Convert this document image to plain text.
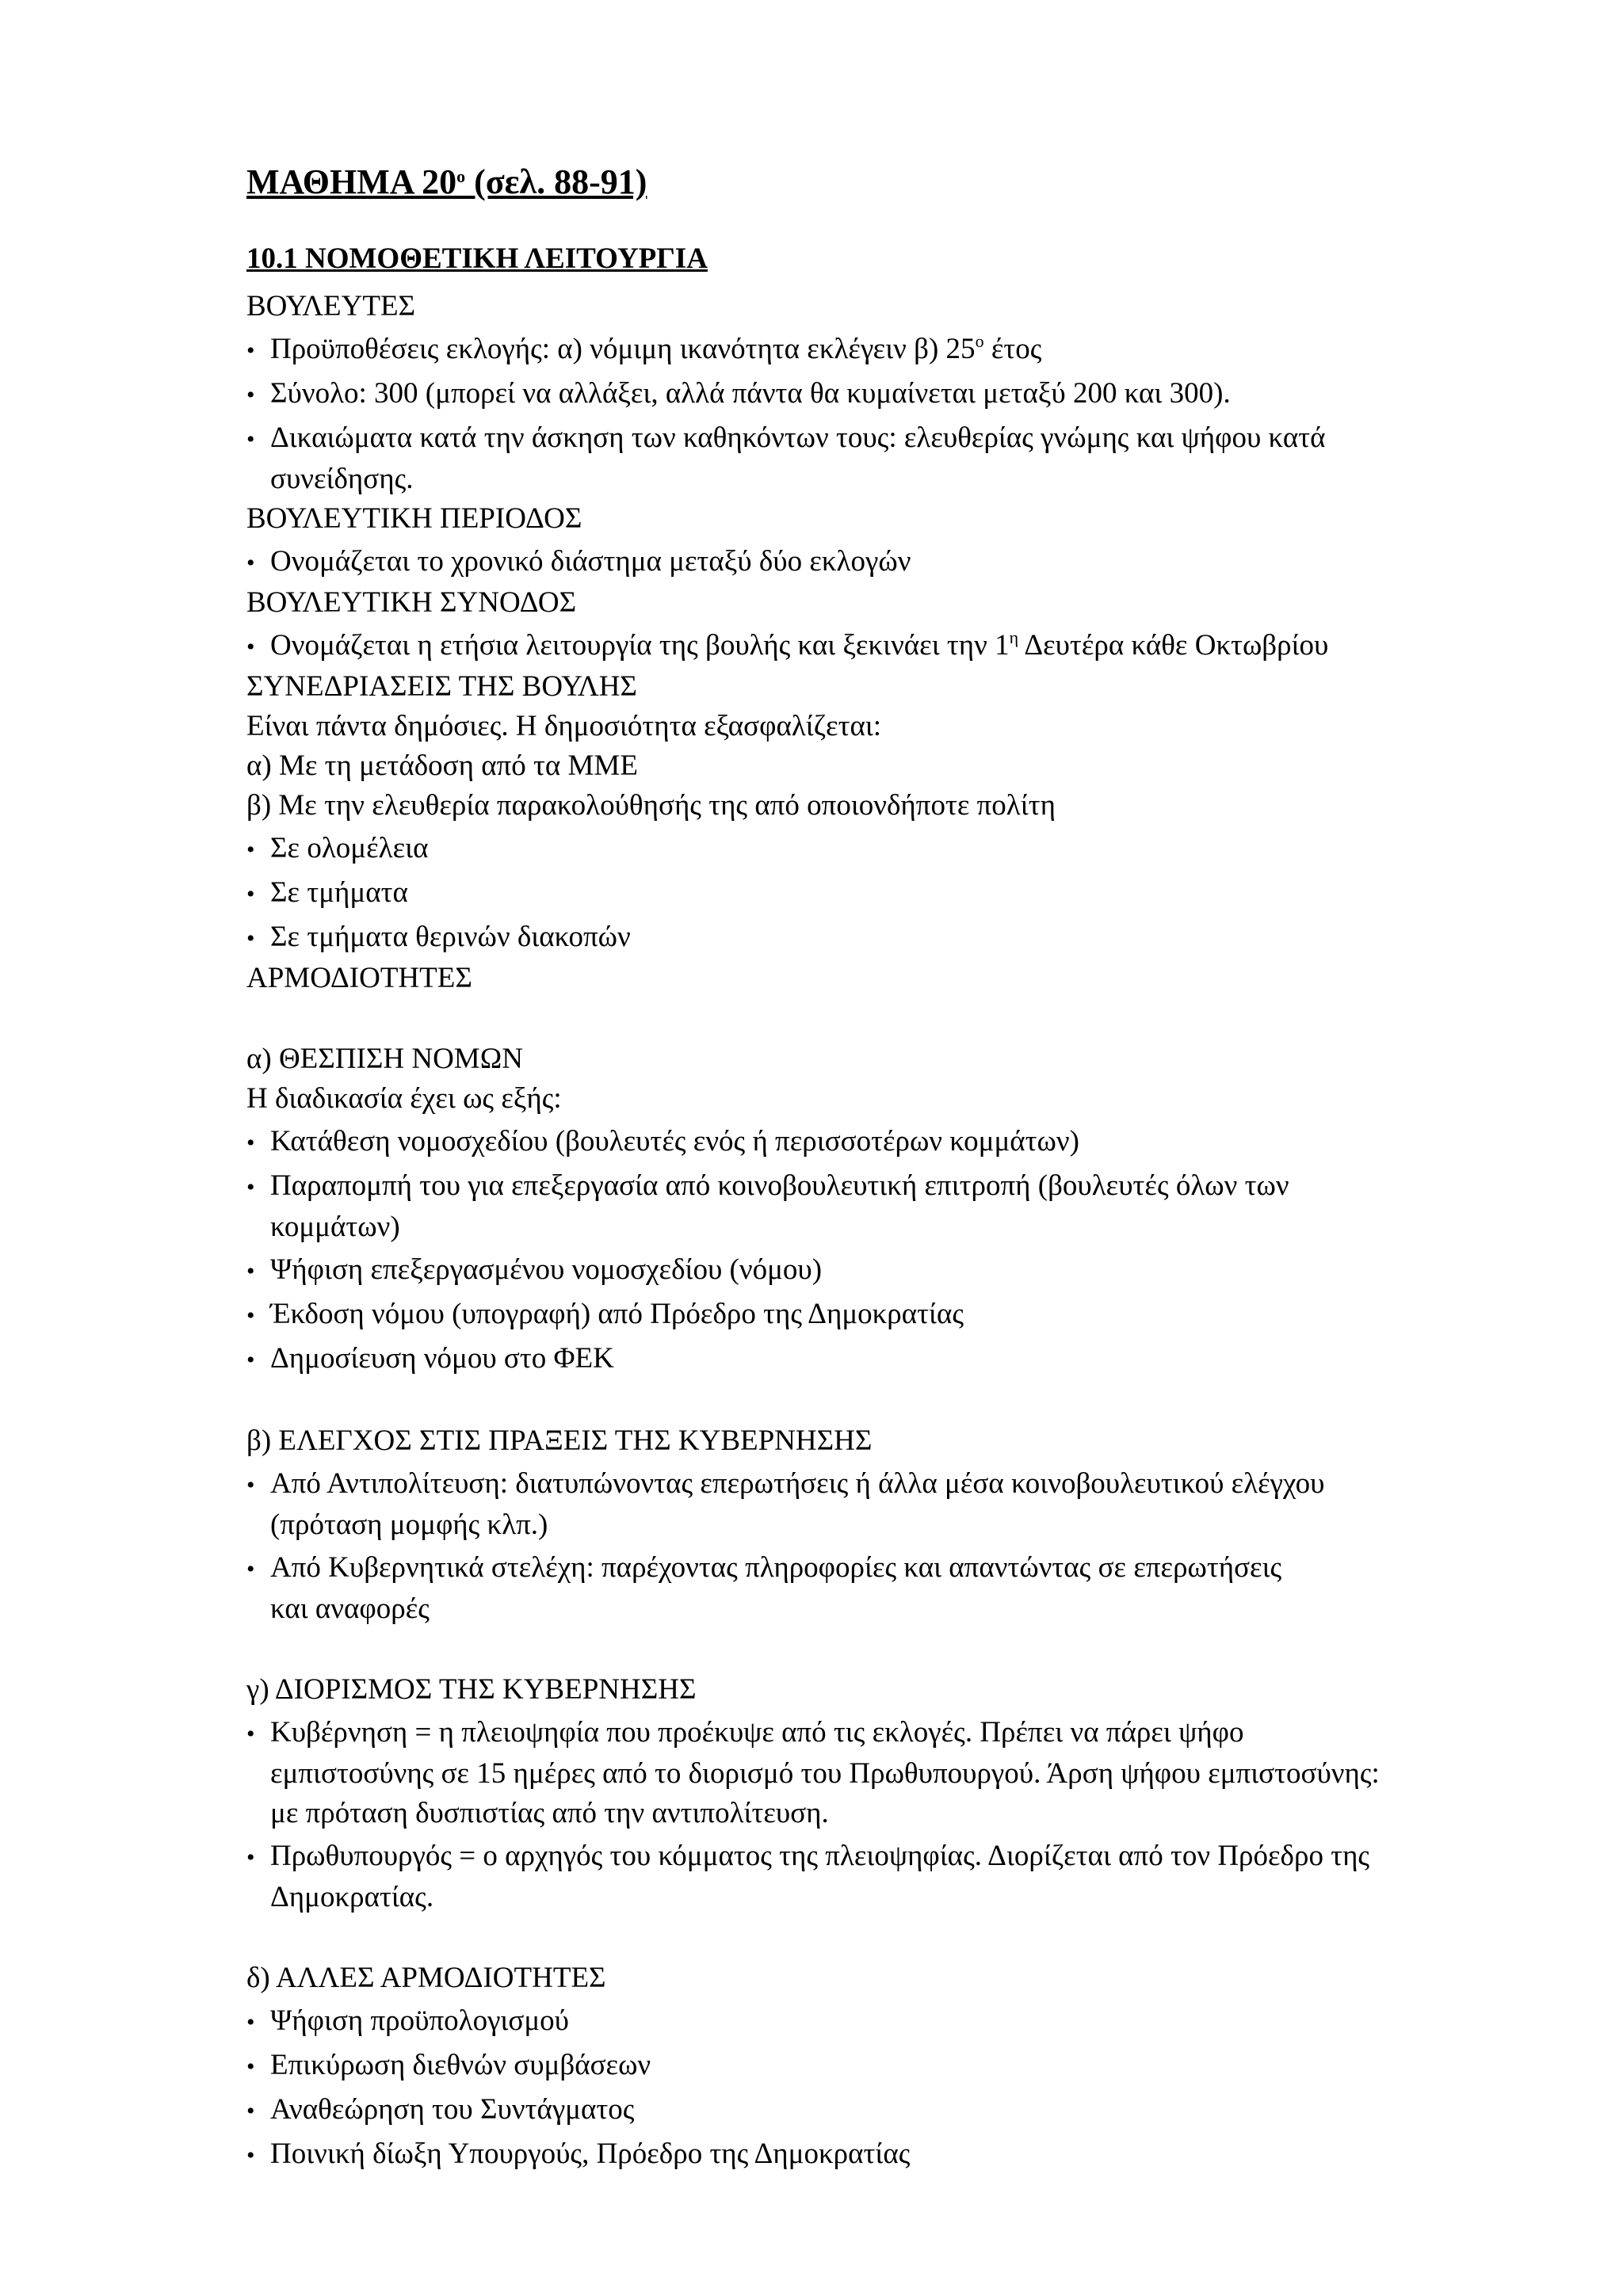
ΜΑΘΗΜΑ $20^o$ (σελ. 88-91)

10.1 ΝΟΜΟΘΕΤΙΚΗ ΛΕΙΤΟΥΡΓΙΑ

ΒΟΥΛΕΥΤΕΣ

• Προϋποθέσεις εκλογής: α) νόμιμη ικανότητα εκλέγειν β) $25^o$ έτος

• Σύνολο: 300 (μπορεί να αλλάξει, αλλά πάντα θα κυμαίνεται μεταξύ 200 και 300).

• Δικαιώματα κατά την άσκηση των καθηκόντων τους: ελευθερίας γνώμης και ψήφου κατά συνείδησης.

ΒΟΥΛΕΥΤΙΚΗ ΠΕΡΙΟΔΟΣ

• Ονομάζεται το χρονικό διάστημα μεταξύ δύο εκλογών

ΒΟΥΛΕΥΤΙΚΗ ΣΥΝΟΔΟΣ

• Ονομάζεται η ετήσια λειτουργία της βουλής και ξεκινάει την $1^\eta$ Δευτέρα κάθε Οκτωβρίου

ΣΥΝΕΔΡΙΑΣΕΙΣ ΤΗΣ ΒΟΥΛΗΣ

Είναι πάντα δημόσιες. Η δημοσιότητα εξασφαλίζεται:

α) Με τη μετάδοση από τα ΜΜΕ

β) Με την ελευθερία παρακολούθησής της από οποιονδήποτε πολίτη

• Σε ολομέλεια

• Σε τμήματα

• Σε τμήματα θερινών διακοπών

ΑΡΜΟΔΙΟΤΗΤΕΣ

α) ΘΕΣΠΙΣΗ ΝΟΜΩΝ

Η διαδικασία έχει ως εξής:

• Κατάθεση νομοσχεδίου (βουλευτές ενός ή περισσοτέρων κομμάτων)

• Παραπομπή του για επεξεργασία από κοινοβουλευτική επιτροπή (βουλευτές όλων των κομμάτων)

• Ψήφιση επεξεργασμένου νομοσχεδίου (νόμου)

• Έκδοση νόμου (υπογραφή) από Πρόεδρο της Δημοκρατίας

• Δημοσίευση νόμου στο ΦΕΚ

β) ΕΛΕΓΧΟΣ ΣΤΙΣ ΠΡΑΞΕΙΣ ΤΗΣ ΚΥΒΕΡΝΗΣΗΣ

• Από Αντιπολίτευση: διατυπώνοντας επερωτήσεις ή άλλα μέσα κοινοβουλευτικού ελέγχου (πρόταση μομφής κλπ.)

• Από Κυβερνητικά στελέχη: παρέχοντας πληροφορίες και απαντώντας σε επερωτήσεις και αναφορές

γ) ΔΙΟΡΙΣΜΟΣ ΤΗΣ ΚΥΒΕΡΝΗΣΗΣ

• Κυβέρνηση = η πλειοψηφία που προέκυψε από τις εκλογές. Πρέπει να πάρει ψήφο εμπιστοσύνης σε 15 ημέρες από το διορισμό του Πρωθυπουργού. Άρση ψήφου εμπιστοσύνης: με πρόταση δυσπιστίας από την αντιπολίτευση.

• Πρωθυπουργός = ο αρχηγός του κόμματος της πλειοψηφίας. Διορίζεται από τον Πρόεδρο της Δημοκρατίας.

δ) ΑΛΛΕΣ ΑΡΜΟΔΙΟΤΗΤΕΣ

• Ψήφιση προϋπολογισμού

• Επικύρωση διεθνών συμβάσεων

• Αναθεώρηση του Συντάγματος

• Ποινική δίωξη Υπουργούς, Πρόεδρο της Δημοκρατίας
